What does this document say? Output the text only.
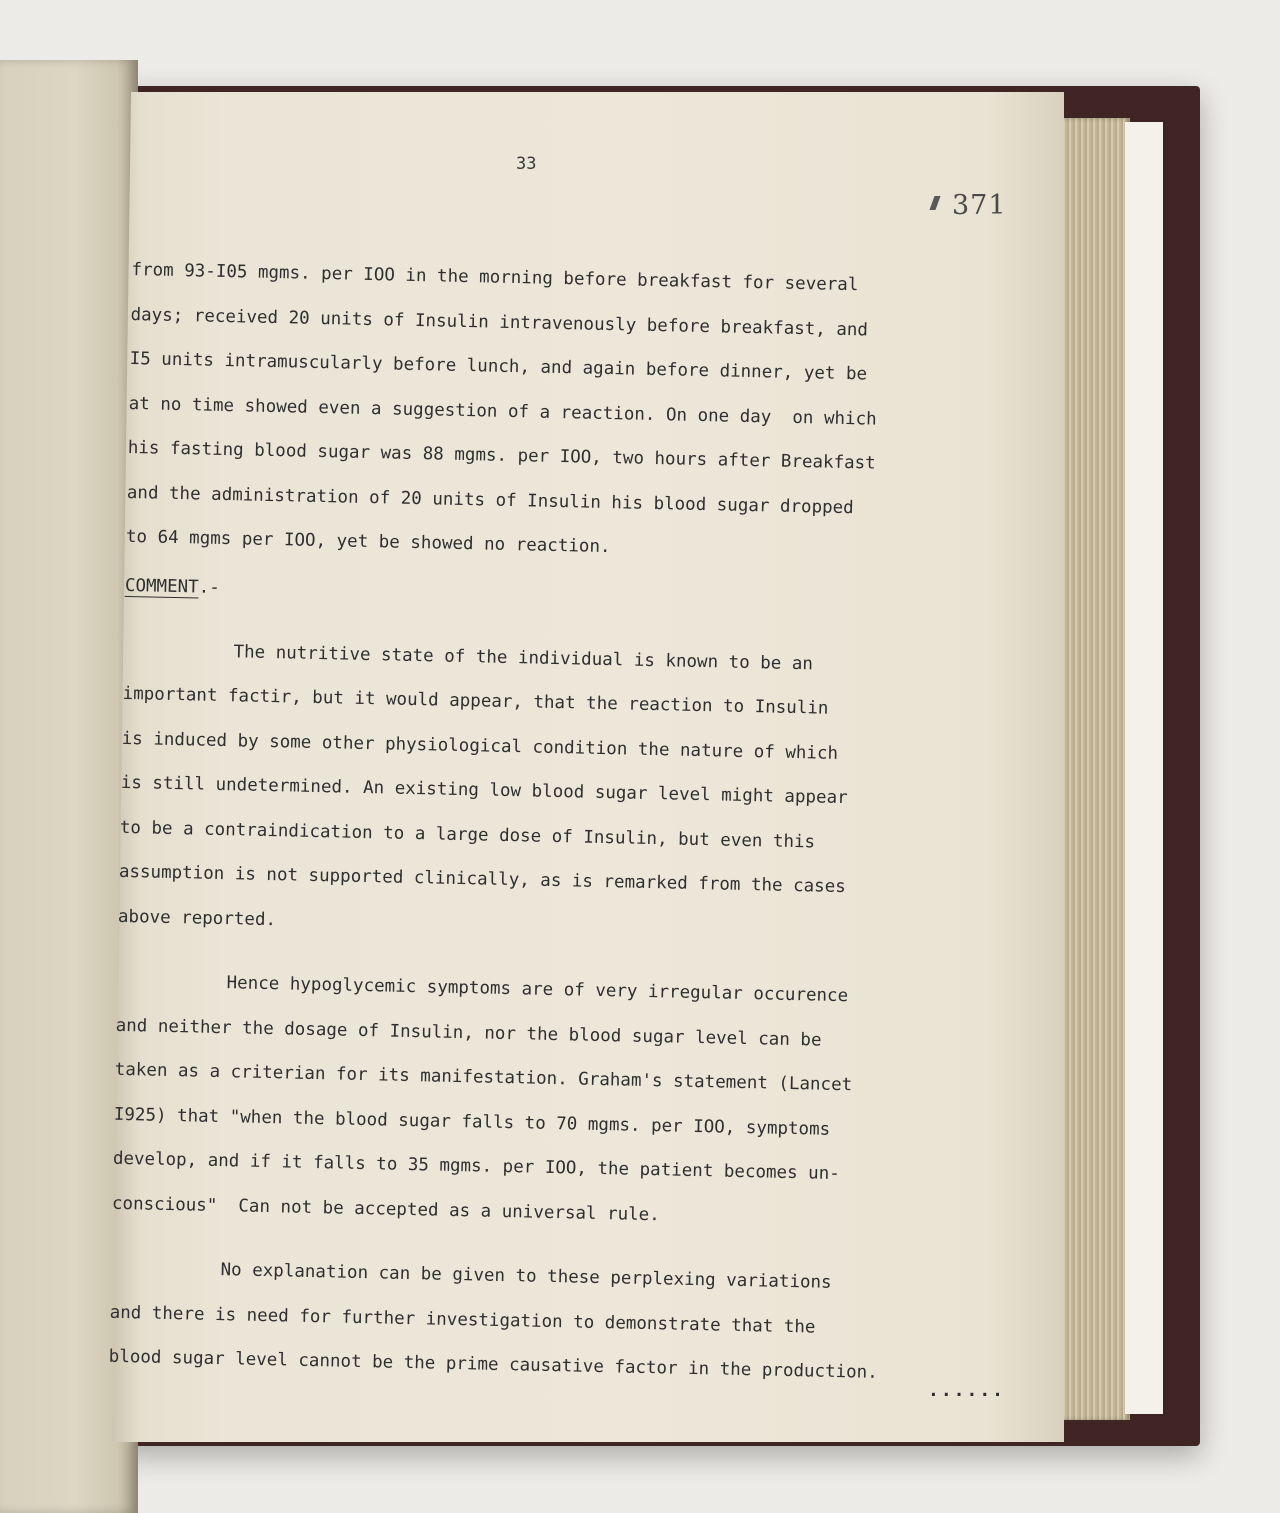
33
371
from 93-I05 mgms. per IOO in the morning before breakfast for several
days; received 20 units of Insulin intravenously before breakfast, and
I5 units intramuscularly before lunch, and again before dinner, yet be
at no time showed even a suggestion of a reaction. On one day  on which
his fasting blood sugar was 88 mgms. per IOO, two hours after Breakfast
and the administration of 20 units of Insulin his blood sugar dropped
to 64 mgms per IOO, yet be showed no reaction.
COMMENT.-
The nutritive state of the individual is known to be an
important factir, but it would appear, that the reaction to Insulin
is induced by some other physiological condition the nature of which
is still undetermined. An existing low blood sugar level might appear
to be a contraindication to a large dose of Insulin, but even this
assumption is not supported clinically, as is remarked from the cases
above reported.
Hence hypoglycemic symptoms are of very irregular occurence
and neither the dosage of Insulin, nor the blood sugar level can be
taken as a criterian for its manifestation. Graham's statement (Lancet
I925) that "when the blood sugar falls to 70 mgms. per IOO, symptoms
develop, and if it falls to 35 mgms. per IOO, the patient becomes un-
conscious"  Can not be accepted as a universal rule.
No explanation can be given to these perplexing variations
and there is need for further investigation to demonstrate that the
blood sugar level cannot be the prime causative factor in the production.
......
